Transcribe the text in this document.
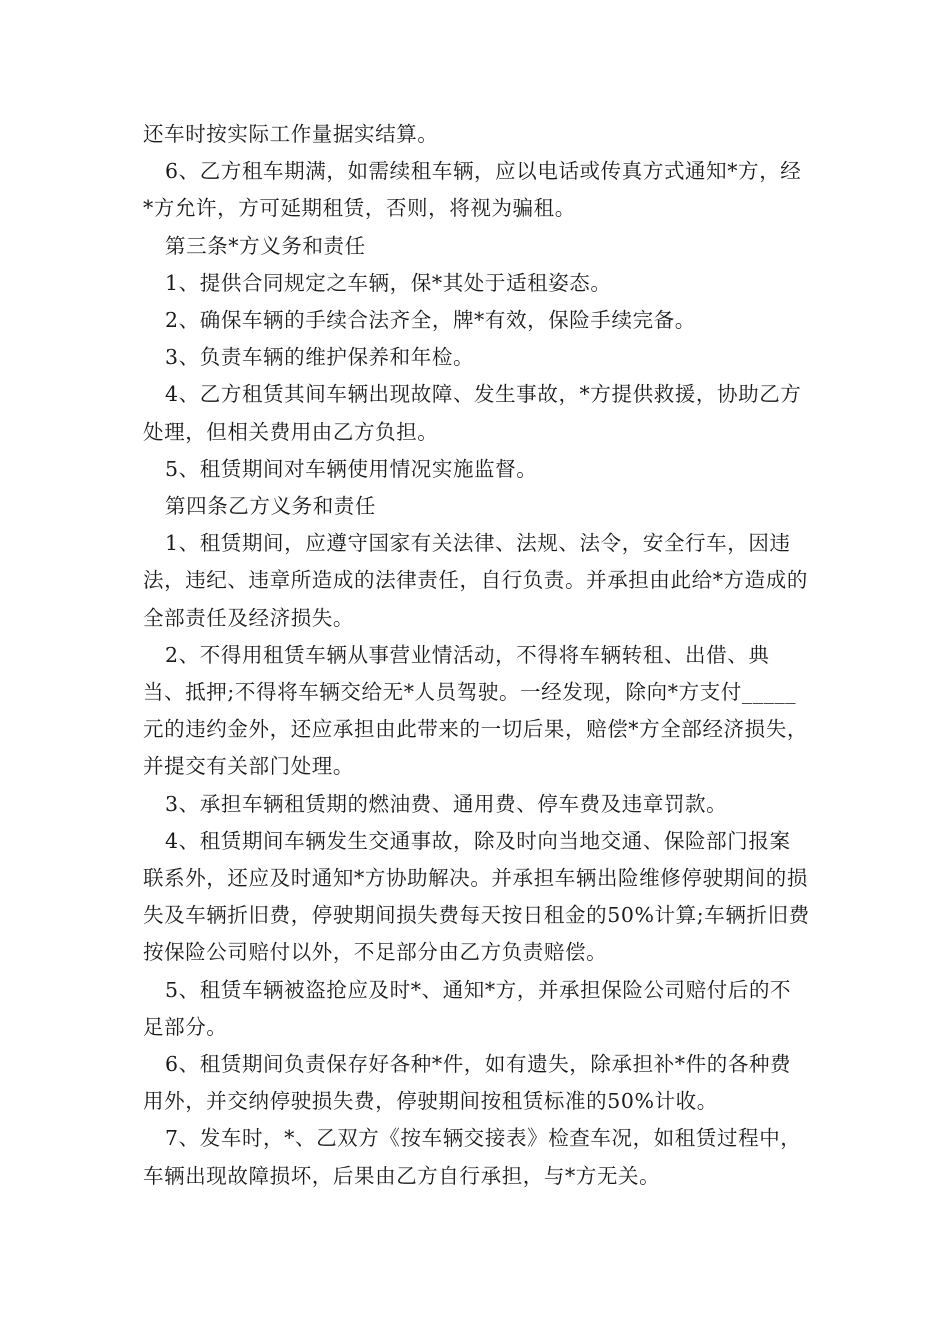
还车时按实际工作量据实结算。

6、乙方租车期满，如需续租车辆，应以电话或传真方式通知*方，经*方允许，方可延期租赁，否则，将视为骗租。

第三条*方义务和责任

1、提供合同规定之车辆，保*其处于适租姿态。

2、确保车辆的手续合法齐全，牌*有效，保险手续完备。

3、负责车辆的维护保养和年检。

4、乙方租赁其间车辆出现故障、发生事故，*方提供救援，协助乙方处理，但相关费用由乙方负担。

5、租赁期间对车辆使用情况实施监督。

第四条乙方义务和责任

1、租赁期间，应遵守国家有关法律、法规、法令，安全行车，因违法，违纪、违章所造成的法律责任，自行负责。并承担由此给*方造成的全部责任及经济损失。

2、不得用租赁车辆从事营业情活动，不得将车辆转租、出借、典当、抵押;不得将车辆交给无*人员驾驶。一经发现，除向*方支付_____元的违约金外，还应承担由此带来的一切后果，赔偿*方全部经济损失，并提交有关部门处理。

3、承担车辆租赁期的燃油费、通用费、停车费及违章罚款。

4、租赁期间车辆发生交通事故，除及时向当地交通、保险部门报案联系外，还应及时通知*方协助解决。并承担车辆出险维修停驶期间的损失及车辆折旧费，停驶期间损失费每天按日租金的50%计算;车辆折旧费按保险公司赔付以外，不足部分由乙方负责赔偿。

5、租赁车辆被盗抢应及时*、通知*方，并承担保险公司赔付后的不足部分。

6、租赁期间负责保存好各种*件，如有遗失，除承担补*件的各种费用外，并交纳停驶损失费，停驶期间按租赁标准的50%计收。

7、发车时，*、乙双方《按车辆交接表》检查车况，如租赁过程中，车辆出现故障损坏，后果由乙方自行承担，与*方无关。
